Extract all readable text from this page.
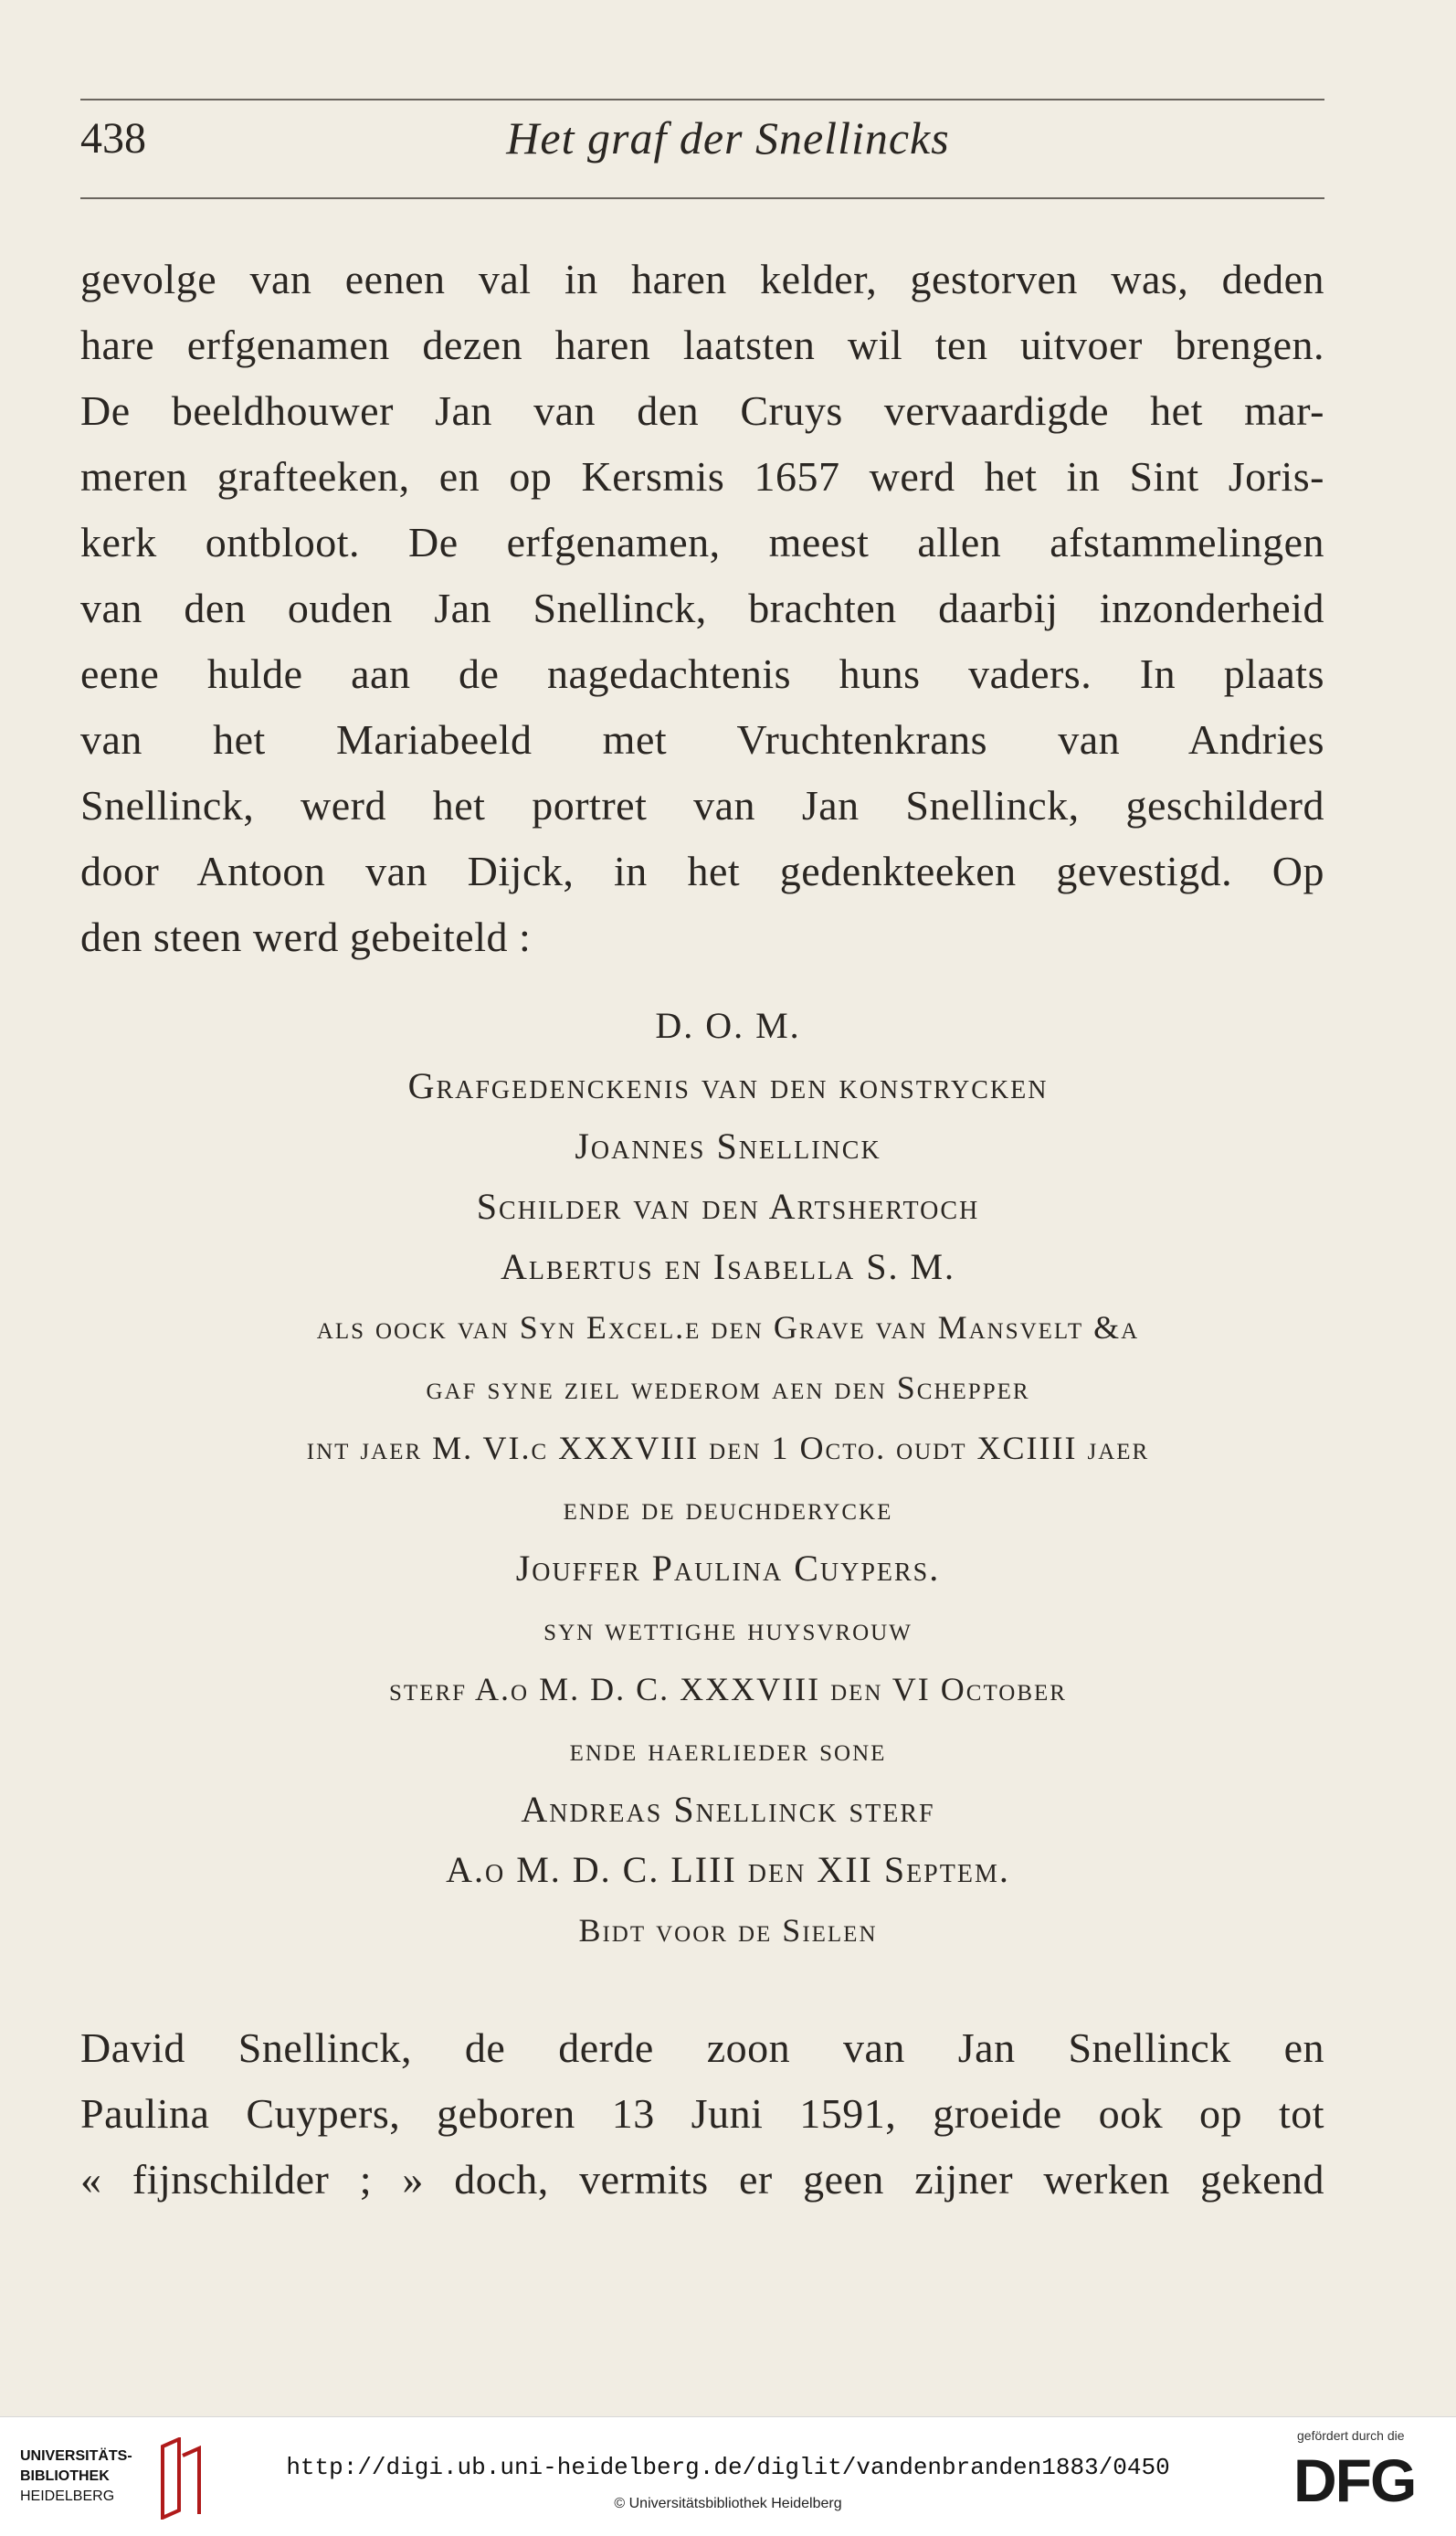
438	Het graf der Snellincks
gevolge van eenen val in haren kelder, gestorven was, deden
hare erfgenamen dezen haren laatsten wil ten uitvoer brengen.
De beeldhouwer Jan van den Cruys vervaardigde het mar-
meren grafteeken, en op Kersmis 1657 werd het in Sint Joris-
kerk ontbloot. De erfgenamen, meest allen afstammelingen
van den ouden Jan Snellinck, brachten daarbij inzonderheid
eene hulde aan de nagedachtenis huns vaders. In plaats
van het Mariabeeld met Vruchtenkrans van Andries
Snellinck, werd het portret van Jan Snellinck, geschilderd
door Antoon van Dijck, in het gedenkteeken gevestigd. Op
den steen werd gebeiteld :
D. O. M.
Grafgedenckenis van den konstrycken
Joannes Snellinck
Schilder van den Artshertoch
Albertus en Isabella S. M.
als oock van Syn Excel.e den Grave van Mansvelt &a
gaf syne ziel wederom aen den Schepper
int jaer M. VI.c XXXVIII den 1 Octo. oudt XCIIII jaer
ende de deuchderycke
Jouffer Paulina Cuypers.
syn wettighe huysvrouw
sterf A.o M. D. C. XXXVIII den VI October
ende haerlieder sone
Andreas Snellinck sterf
A.o M. D. C. LIII den XII Septem.
Bidt voor de Sielen
David Snellinck, de derde zoon van Jan Snellinck en
Paulina Cuypers, geboren 13 Juni 1591, groeide ook op tot
« fijnschilder ; » doch, vermits er geen zijner werken gekend
UNIVERSITÄTS-
BIBLIOTHEK
HEIDELBERG
http://digi.ub.uni-heidelberg.de/diglit/vandenbranden1883/0450
© Universitätsbibliothek Heidelberg
gefördert durch die
DFG
